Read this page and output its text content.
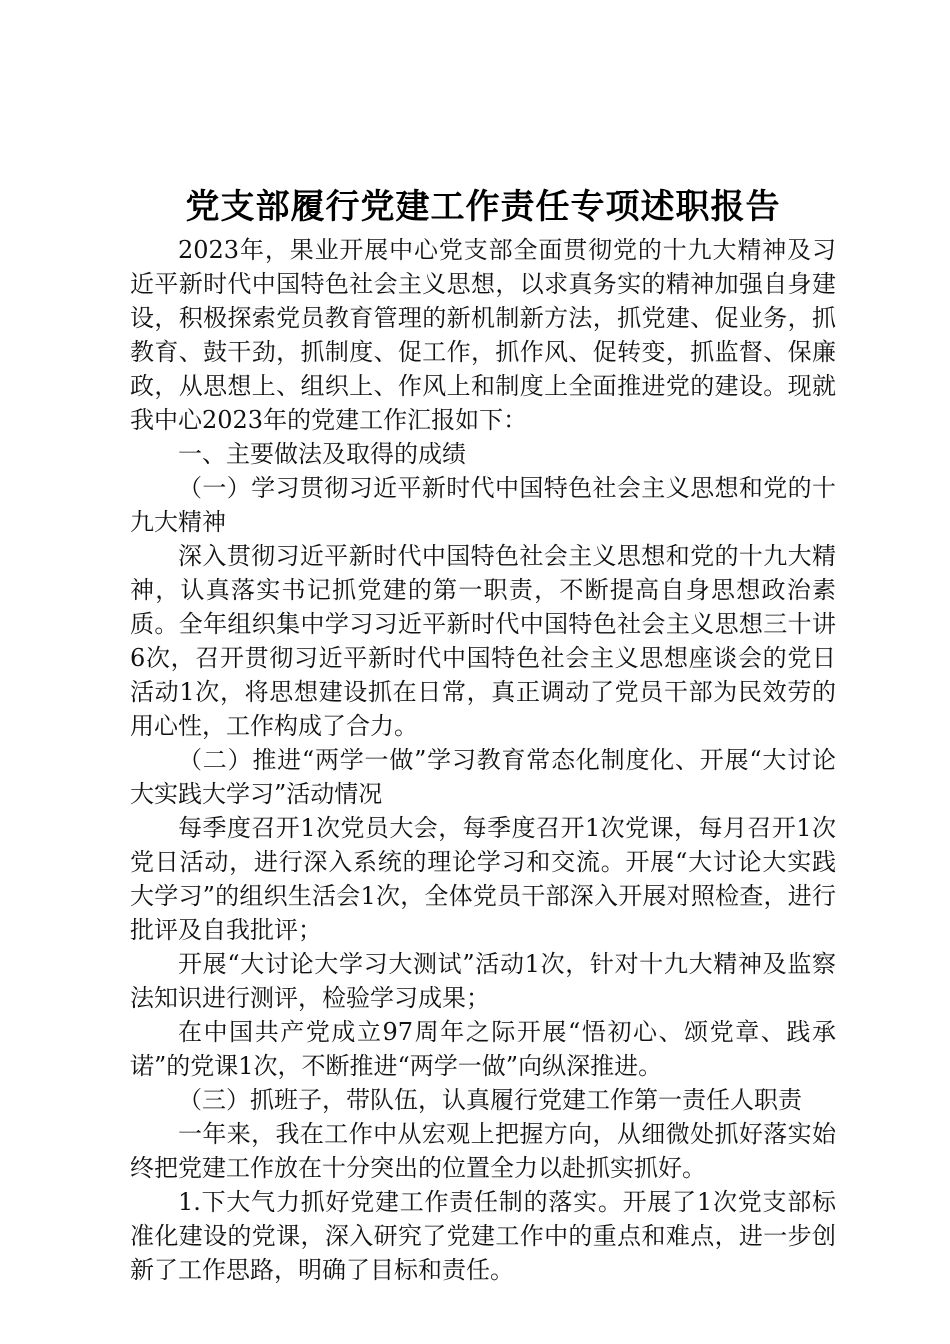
党支部履行党建工作责任专项述职报告

2023年，果业开展中心党支部全面贯彻党的十九大精神及习近平新时代中国特色社会主义思想，以求真务实的精神加强自身建设，积极探索党员教育管理的新机制新方法，抓党建、促业务，抓教育、鼓干劲，抓制度、促工作，抓作风、促转变，抓监督、保廉政，从思想上、组织上、作风上和制度上全面推进党的建设。现就我中心2023年的党建工作汇报如下：

一、主要做法及取得的成绩

（一）学习贯彻习近平新时代中国特色社会主义思想和党的十九大精神

深入贯彻习近平新时代中国特色社会主义思想和党的十九大精神，认真落实书记抓党建的第一职责，不断提高自身思想政治素质。全年组织集中学习习近平新时代中国特色社会主义思想三十讲6次，召开贯彻习近平新时代中国特色社会主义思想座谈会的党日活动1次，将思想建设抓在日常，真正调动了党员干部为民效劳的用心性，工作构成了合力。

（二）推进“两学一做”学习教育常态化制度化、开展“大讨论大实践大学习”活动情况

每季度召开1次党员大会，每季度召开1次党课，每月召开1次党日活动，进行深入系统的理论学习和交流。开展“大讨论大实践大学习”的组织生活会1次，全体党员干部深入开展对照检查，进行批评及自我批评；

开展“大讨论大学习大测试”活动1次，针对十九大精神及监察法知识进行测评，检验学习成果；

在中国共产党成立97周年之际开展“悟初心、颂党章、践承诺”的党课1次，不断推进“两学一做”向纵深推进。

（三）抓班子，带队伍，认真履行党建工作第一责任人职责

一年来，我在工作中从宏观上把握方向，从细微处抓好落实始终把党建工作放在十分突出的位置全力以赴抓实抓好。

1.下大气力抓好党建工作责任制的落实。开展了1次党支部标准化建设的党课，深入研究了党建工作中的重点和难点，进一步创新了工作思路，明确了目标和责任。
